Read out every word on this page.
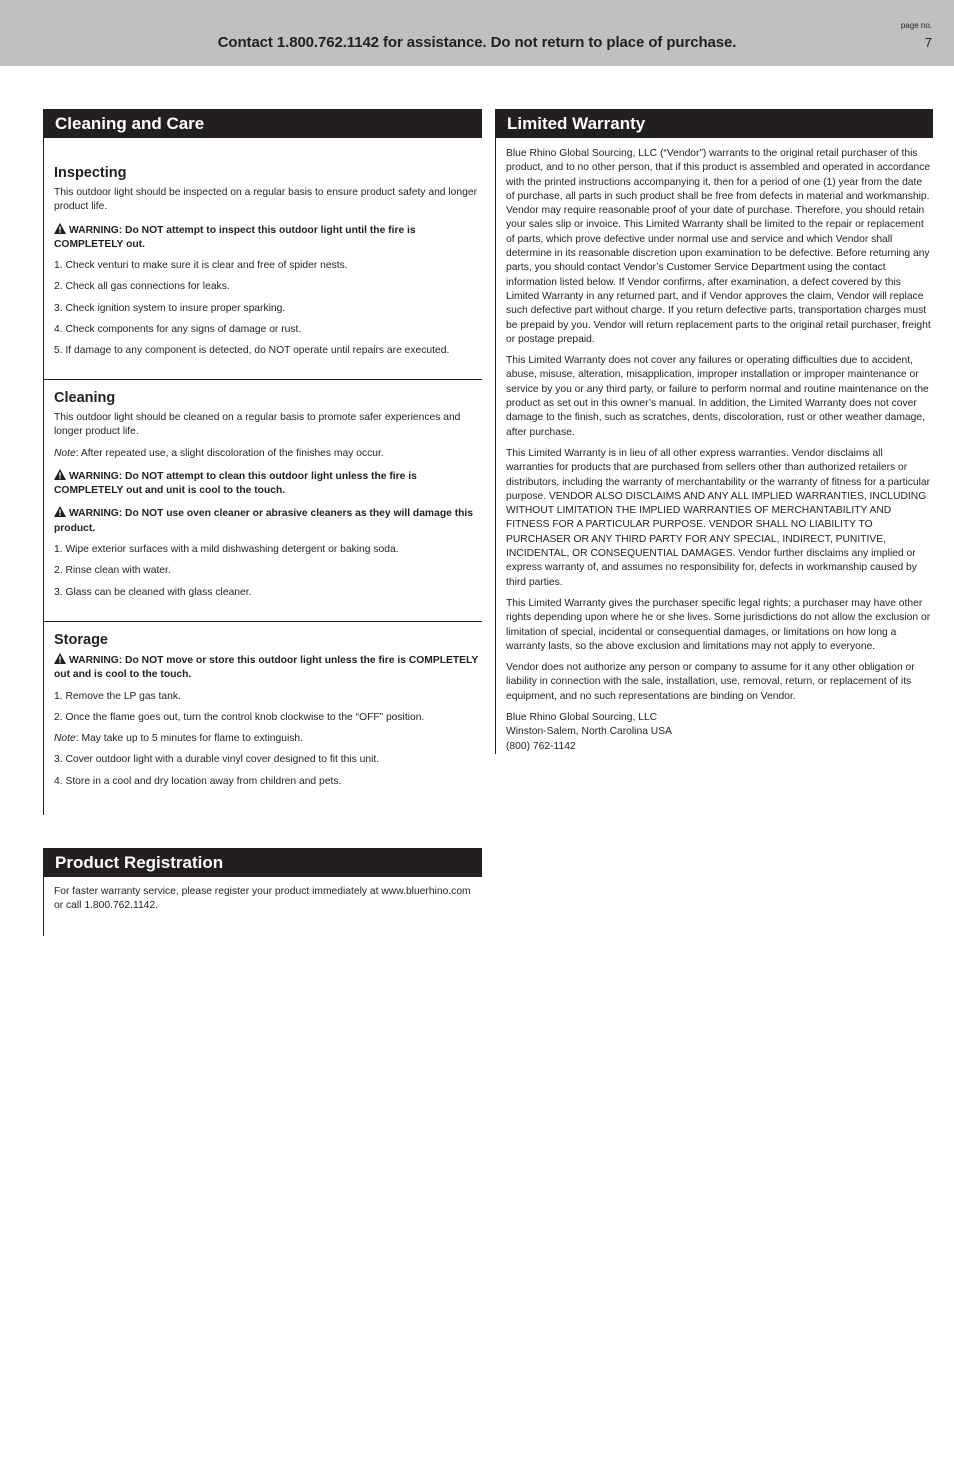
Contact 1.800.762.1142 for assistance. Do not return to place of purchase.
page no.
7
Cleaning and Care
Inspecting

This outdoor light should be inspected on a regular basis to ensure product safety and longer product life.

WARNING: Do NOT attempt to inspect this outdoor light until the fire is COMPLETELY out.

1. Check venturi to make sure it is clear and free of spider nests.

2. Check all gas connections for leaks.

3. Check ignition system to insure proper sparking.

4. Check components for any signs of damage or rust.

5. If damage to any component is detected, do NOT operate until repairs are executed.

Cleaning

This outdoor light should be cleaned on a regular basis to promote safer experiences and longer product life.

Note: After repeated use, a slight discoloration of the finishes may occur.

WARNING: Do NOT attempt to clean this outdoor light unless the fire is COMPLETELY out and unit is cool to the touch.

WARNING: Do NOT use oven cleaner or abrasive cleaners as they will damage this product.

1. Wipe exterior surfaces with a mild dishwashing detergent or baking soda.

2. Rinse clean with water.

3. Glass can be cleaned with glass cleaner.

Storage

WARNING: Do NOT move or store this outdoor light unless the fire is COMPLETELY out and is cool to the touch.

1. Remove the LP gas tank.

2. Once the flame goes out, turn the control knob clockwise to the “OFF” position.

Note: May take up to 5 minutes for flame to extinguish.

3. Cover outdoor light with a durable vinyl cover designed to fit this unit.

4. Store in a cool and dry location away from children and pets.

Product Registration

For faster warranty service, please register your product immediately at www.bluerhino.com or call 1.800.762.1142.

Limited Warranty

Blue Rhino Global Sourcing, LLC (“Vendor”) warrants to the original retail purchaser of this product, and to no other person, that if this product is assembled and operated in accordance with the printed instructions accompanying it, then for a period of one (1) year from the date of purchase, all parts in such product shall be free from defects in material and workmanship. Vendor may require reasonable proof of your date of purchase. Therefore, you should retain your sales slip or invoice. This Limited Warranty shall be limited to the repair or replacement of parts, which prove defective under normal use and service and which Vendor shall determine in its reasonable discretion upon examination to be defective. Before returning any parts, you should contact Vendor’s Customer Service Department using the contact information listed below. If Vendor confirms, after examination, a defect covered by this Limited Warranty in any returned part, and if Vendor approves the claim, Vendor will replace such defective part without charge. If you return defective parts, transportation charges must be prepaid by you. Vendor will return replacement parts to the original retail purchaser, freight or postage prepaid.

This Limited Warranty does not cover any failures or operating difficulties due to accident, abuse, misuse, alteration, misapplication, improper installation or improper maintenance or service by you or any third party, or failure to perform normal and routine maintenance on the product as set out in this owner’s manual. In addition, the Limited Warranty does not cover damage to the finish, such as scratches, dents, discoloration, rust or other weather damage, after purchase.

This Limited Warranty is in lieu of all other express warranties. Vendor disclaims all warranties for products that are purchased from sellers other than authorized retailers or distributors, including the warranty of merchantability or the warranty of fitness for a particular purpose. VENDOR ALSO DISCLAIMS AND ANY ALL IMPLIED WARRANTIES, INCLUDING WITHOUT LIMITATION THE IMPLIED WARRANTIES OF MERCHANTABILITY AND FITNESS FOR A PARTICULAR PURPOSE. VENDOR SHALL NO LIABILITY TO PURCHASER OR ANY THIRD PARTY FOR ANY SPECIAL, INDIRECT, PUNITIVE, INCIDENTAL, OR CONSEQUENTIAL DAMAGES. Vendor further disclaims any implied or express warranty of, and assumes no responsibility for, defects in workmanship caused by third parties.

This Limited Warranty gives the purchaser specific legal rights; a purchaser may have other rights depending upon where he or she lives. Some jurisdictions do not allow the exclusion or limitation of special, incidental or consequential damages, or limitations on how long a warranty lasts, so the above exclusion and limitations may not apply to everyone.

Vendor does not authorize any person or company to assume for it any other obligation or liability in connection with the sale, installation, use, removal, return, or replacement of its equipment, and no such representations are binding on Vendor.

Blue Rhino Global Sourcing, LLC

Winston-Salem, North Carolina USA

(800) 762-1142
